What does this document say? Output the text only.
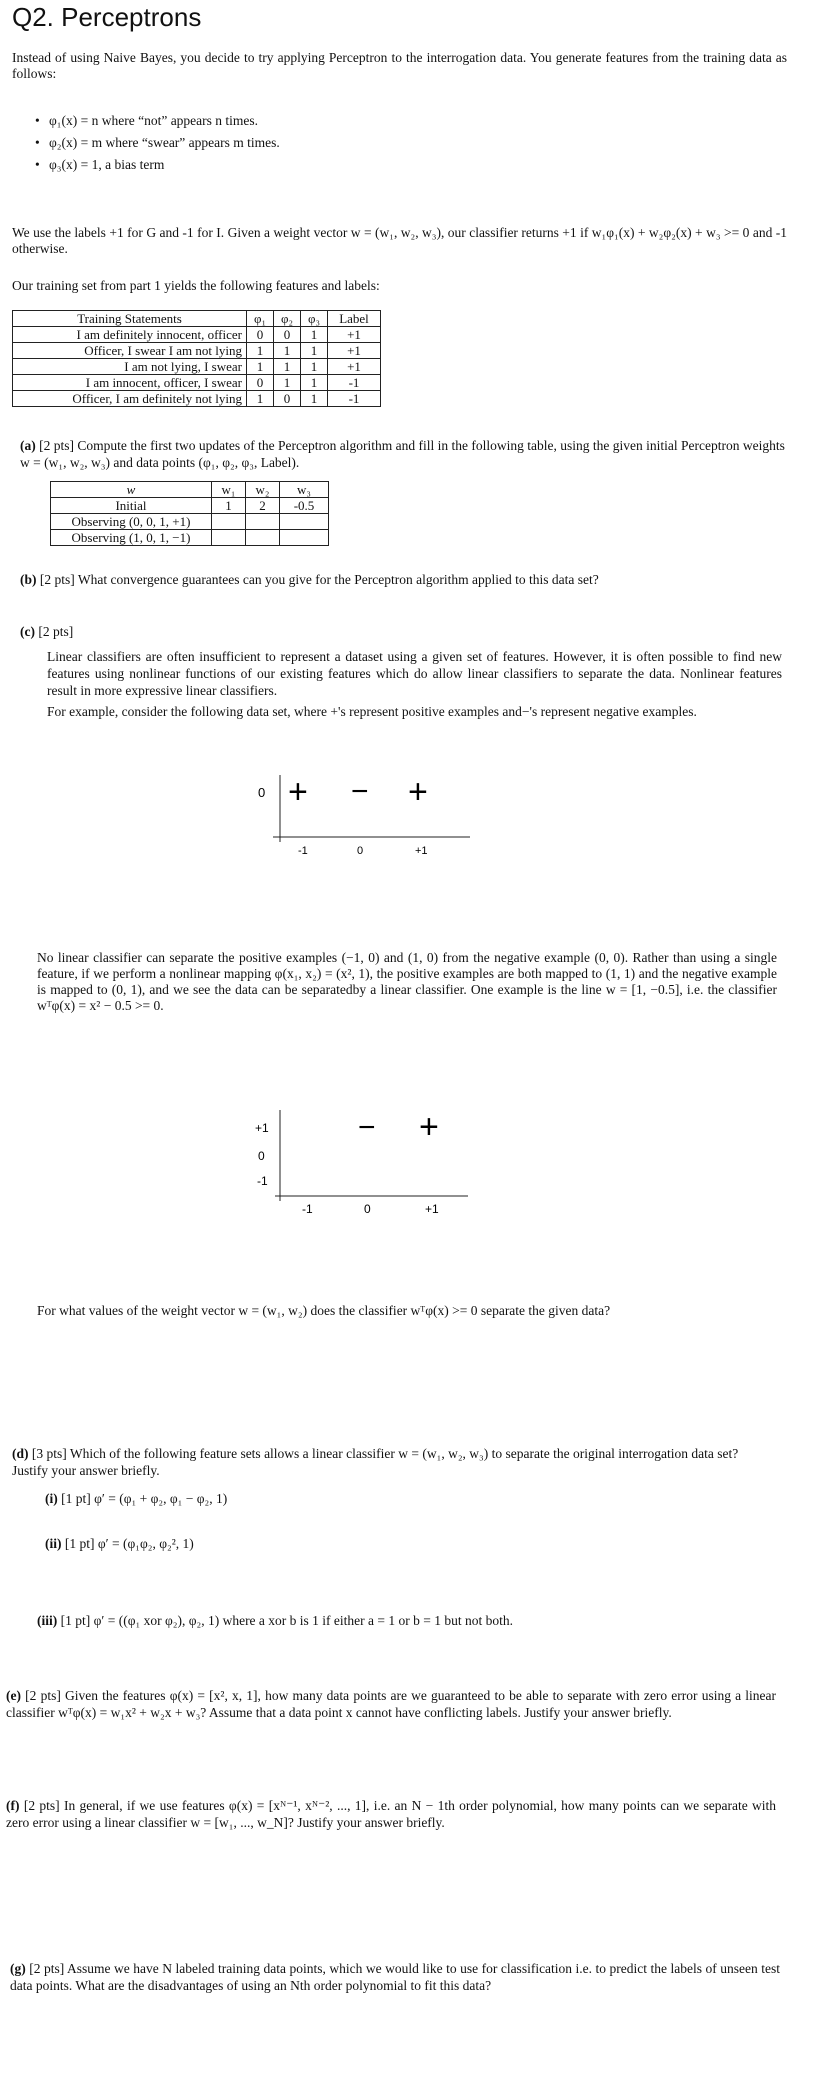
Q2. Perceptrons
Instead of using Naive Bayes, you decide to try applying Perceptron to the interrogation data. You generate features from the training data as follows:
• φ₁(x) = n where “not” appears n times.
• φ₂(x) = m where “swear” appears m times.
• φ₃(x) = 1, a bias term
We use the labels +1 for G and -1 for I. Given a weight vector w = (w₁, w₂, w₃), our classifier returns +1 if w₁φ₁(x) + w₂φ₂(x) + w₃ >= 0 and -1 otherwise.
Our training set from part 1 yields the following features and labels:
Training Statements	φ₁	φ₂	φ₃	Label
I am definitely innocent, officer	0	0	1	+1
Officer, I swear I am not lying	1	1	1	+1
I am not lying, I swear	1	1	1	+1
I am innocent, officer, I swear	0	1	1	-1
Officer, I am definitely not lying	1	0	1	-1

(a) [2 pts] Compute the first two updates of the Perceptron algorithm and fill in the following table, using the given initial Perceptron weights w = (w₁, w₂, w₃) and data points (φ₁, φ₂, φ₃, Label).

w	w₁	w₂	w₃
Initial	1	2	-0.5
Observing (0, 0, 1, +1)			
Observing (1, 0, 1, −1)			

(b) [2 pts] What convergence guarantees can you give for the Perceptron algorithm applied to this data set?

(c) [2 pts]

Linear classifiers are often insufficient to represent a dataset using a given set of features. However, it is often possible to find new features using nonlinear functions of our existing features which do allow linear classifiers to separate the data. Nonlinear features result in more expressive linear classifiers.

For example, consider the following data set, where +'s represent positive examples and−'s represent negative examples.

0
-1	0	+1
+ − +
No linear classifier can separate the positive examples (−1, 0) and (1, 0) from the negative example (0, 0). Rather than using a single feature, if we perform a nonlinear mapping φ(x₁, x₂) = (x², 1), the positive examples are both mapped to (1, 1) and the negative example is mapped to (0, 1), and we see the data can be separatedby a linear classifier. One example is the line w = [1, −0.5], i.e. the classifier wᵀφ(x) = x² − 0.5 >= 0.
+1
0
-1
-1	0	+1
− +
For what values of the weight vector w = (w₁, w₂) does the classifier wᵀφ(x) >= 0 separate the given data?

(d) [3 pts] Which of the following feature sets allows a linear classifier w = (w₁, w₂, w₃) to separate the original interrogation data set? Justify your answer briefly.

(i) [1 pt] φ′ = (φ₁ + φ₂, φ₁ − φ₂, 1)

(ii) [1 pt] φ′ = (φ₁φ₂, φ₂², 1)

(iii) [1 pt] φ′ = ((φ₁ xor φ₂), φ₂, 1) where a xor b is 1 if either a = 1 or b = 1 but not both.

(e) [2 pts] Given the features φ(x) = [x², x, 1], how many data points are we guaranteed to be able to separate with zero error using a linear classifier wᵀφ(x) = w₁x² + w₂x + w₃? Assume that a data point x cannot have conflicting labels. Justify your answer briefly.

(f) [2 pts] In general, if we use features φ(x) = [xᴺ⁻¹, xᴺ⁻², ..., 1], i.e. an N − 1th order polynomial, how many points can we separate with zero error using a linear classifier w = [w₁, ..., w_N]? Justify your answer briefly.

(g) [2 pts] Assume we have N labeled training data points, which we would like to use for classification i.e. to predict the labels of unseen test data points. What are the disadvantages of using an Nth order polynomial to fit this data?
